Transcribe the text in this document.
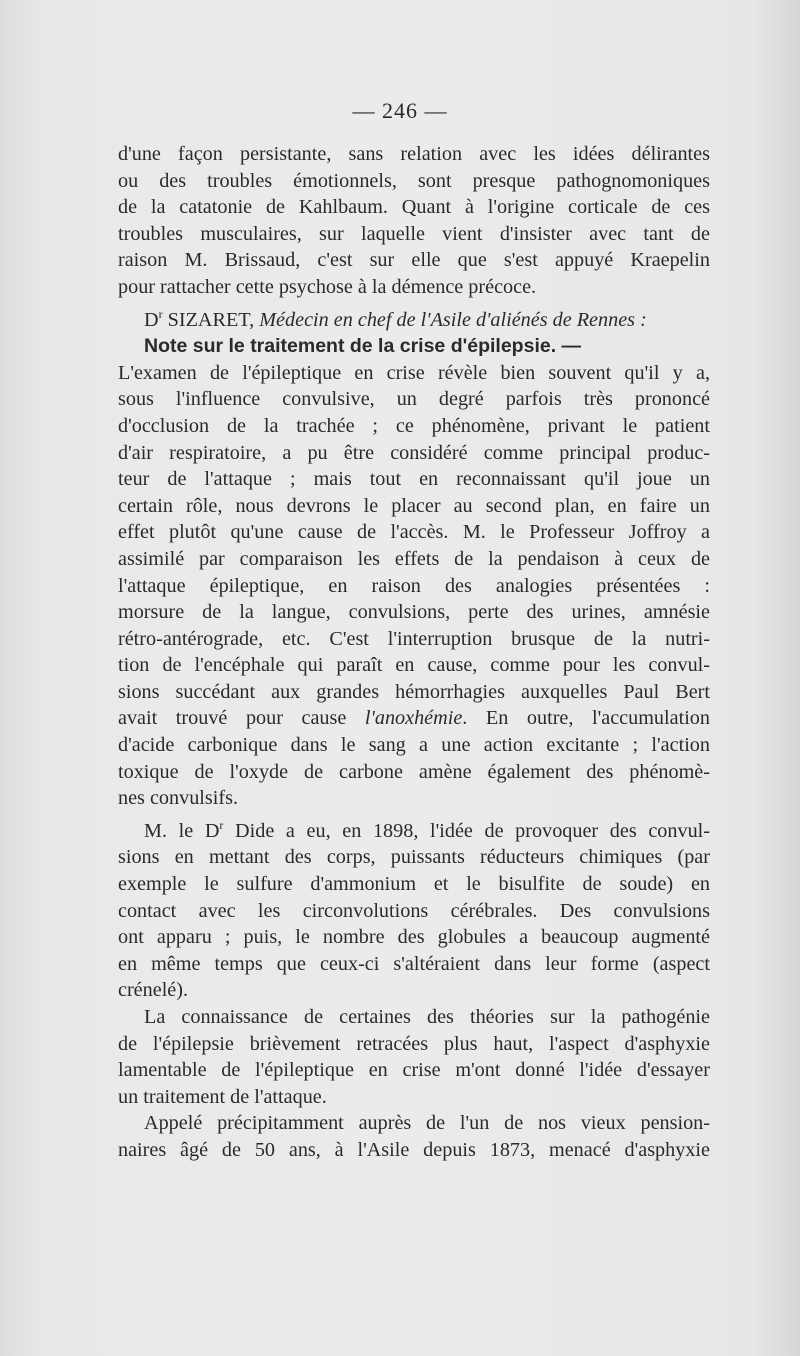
— 246 —

d'une façon persistante, sans relation avec les idées délirantes
ou des troubles émotionnels, sont presque pathognomoniques
de la catatonie de Kahlbaum. Quant à l'origine corticale de ces
troubles musculaires, sur laquelle vient d'insister avec tant de
raison M. Brissaud, c'est sur elle que s'est appuyé Kraepelin
pour rattacher cette psychose à la démence précoce.

$D^r$ SIZARET, Médecin en chef de l'Asile d'aliénés de Rennes :

Note sur le traitement de la crise d'épilepsie. —
L'examen de l'épileptique en crise révèle bien souvent qu'il y a,
sous l'influence convulsive, un degré parfois très prononcé
d'occlusion de la trachée ; ce phénomène, privant le patient
d'air respiratoire, a pu être considéré comme principal produc-
teur de l'attaque ; mais tout en reconnaissant qu'il joue un
certain rôle, nous devrons le placer au second plan, en faire un
effet plutôt qu'une cause de l'accès. M. le Professeur Joffroy a
assimilé par comparaison les effets de la pendaison à ceux de
l'attaque épileptique, en raison des analogies présentées :
morsure de la langue, convulsions, perte des urines, amnésie
rétro-antérograde, etc. C'est l'interruption brusque de la nutri-
tion de l'encéphale qui paraît en cause, comme pour les convul-
sions succédant aux grandes hémorrhagies auxquelles Paul Bert
avait trouvé pour cause l'anoxhémie. En outre, l'accumulation
d'acide carbonique dans le sang a une action excitante ; l'action
toxique de l'oxyde de carbone amène également des phénomè-
nes convulsifs.

M. le $D^r$ Dide a eu, en 1898, l'idée de provoquer des convul-
sions en mettant des corps, puissants réducteurs chimiques (par
exemple le sulfure d'ammonium et le bisulfite de soude) en
contact avec les circonvolutions cérébrales. Des convulsions
ont apparu ; puis, le nombre des globules a beaucoup augmenté
en même temps que ceux-ci s'altéraient dans leur forme (aspect
crénelé).

La connaissance de certaines des théories sur la pathogénie
de l'épilepsie brièvement retracées plus haut, l'aspect d'asphyxie
lamentable de l'épileptique en crise m'ont donné l'idée d'essayer
un traitement de l'attaque.

Appelé précipitamment auprès de l'un de nos vieux pension-
naires âgé de 50 ans, à l'Asile depuis 1873, menacé d'asphyxie
